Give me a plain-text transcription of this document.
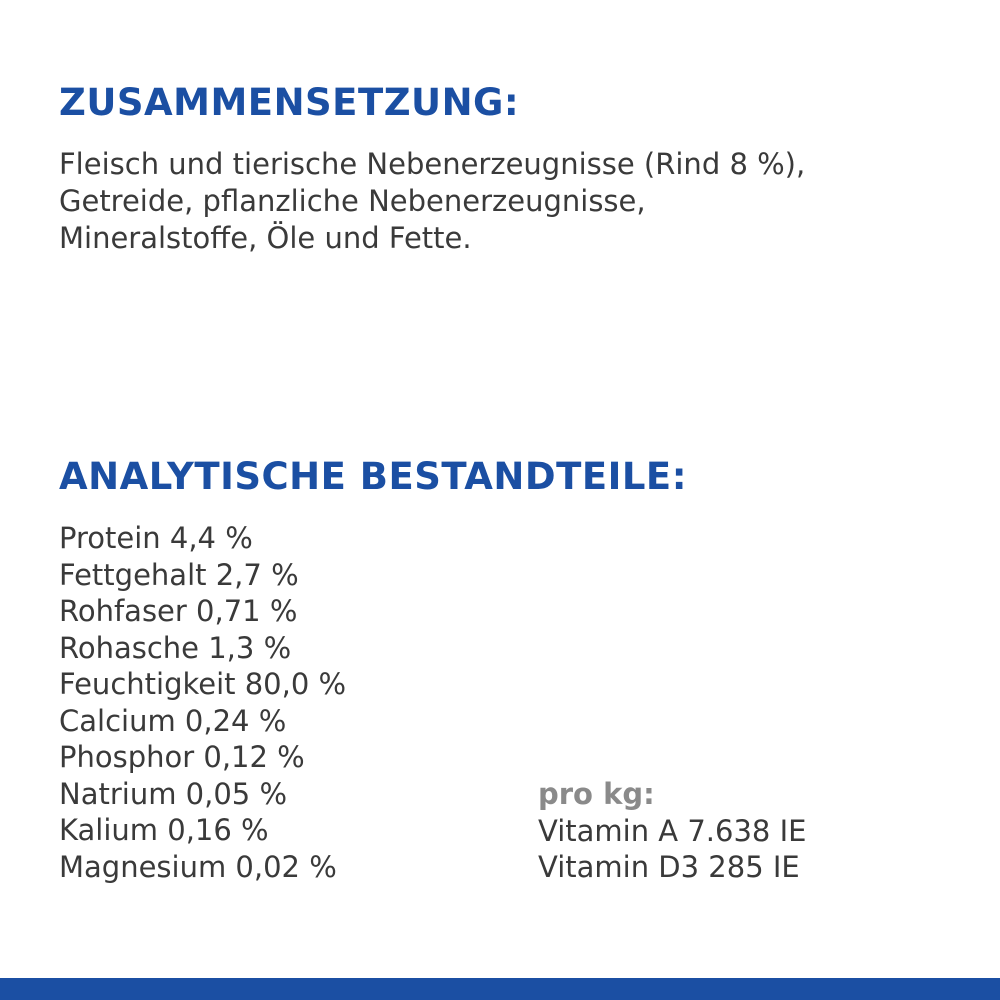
ZUSAMMENSETZUNG:
Fleisch und tierische Nebenerzeugnisse (Rind 8 %),
Getreide, pflanzliche Nebenerzeugnisse,
Mineralstoffe, Öle und Fette.
ANALYTISCHE BESTANDTEILE:
Protein 4,4 %
Fettgehalt 2,7 %
Rohfaser 0,71 %
Rohasche 1,3 %
Feuchtigkeit 80,0 %
Calcium 0,24 %
Phosphor 0,12 %
Natrium 0,05 %
Kalium 0,16 %
Magnesium 0,02 %
pro kg:
Vitamin A 7.638 IE
Vitamin D3 285 IE
